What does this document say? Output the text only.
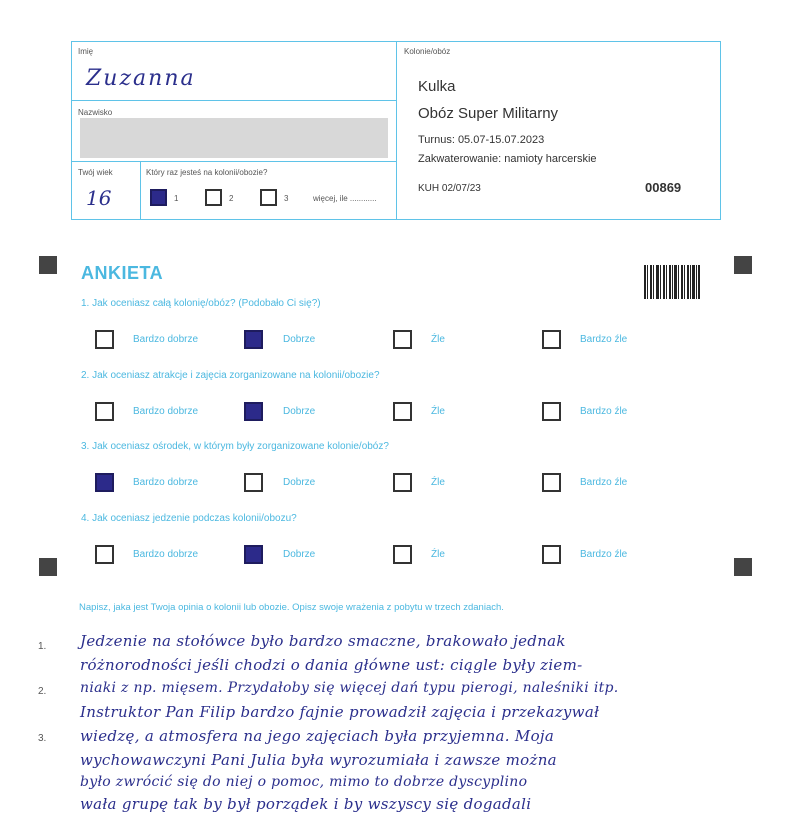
Imię
Zuzanna
Nazwisko
Twój wiek
16
Który raz jesteś na kolonii/obozie?
1	2	3	więcej, ile ............
Kolonie/obóz
Kulka
Obóz Super Militarny
Turnus: 05.07-15.07.2023
Zakwaterowanie: namioty harcerskie
KUH 02/07/23	00869
ANKIETA
1. Jak oceniasz całą kolonię/obóz? (Podobało Ci się?)
Bardzo dobrze	Dobrze	Źle	Bardzo źle
2. Jak oceniasz atrakcje i zajęcia zorganizowane na kolonii/obozie?
Bardzo dobrze	Dobrze	Źle	Bardzo źle
3. Jak oceniasz ośrodek, w którym były zorganizowane kolonie/obóz?
Bardzo dobrze	Dobrze	Źle	Bardzo źle
4. Jak oceniasz jedzenie podczas kolonii/obozu?
Bardzo dobrze	Dobrze	Źle	Bardzo źle
Napisz, jaka jest Twoja opinia o kolonii lub obozie. Opisz swoje wrażenia z pobytu w trzech zdaniach.
1.
2.
3.
Jedzenie na stołówce było bardzo smaczne, brakowało jednak
różnorodności jeśli chodzi o dania główne ust: ciągle były ziem-
niaki z np. mięsem. Przydałoby się więcej dań typu pierogi, naleśniki itp.
Instruktor Pan Filip bardzo fajnie prowadził zajęcia i przekazywał
wiedzę, a atmosfera na jego zajęciach była przyjemna. Moja
wychowawczyni Pani Julia była wyrozumiała i zawsze można
było zwrócić się do niej o pomoc, mimo to dobrze dyscyplino
wała grupę tak by był porządek i by wszyscy się dogadali
